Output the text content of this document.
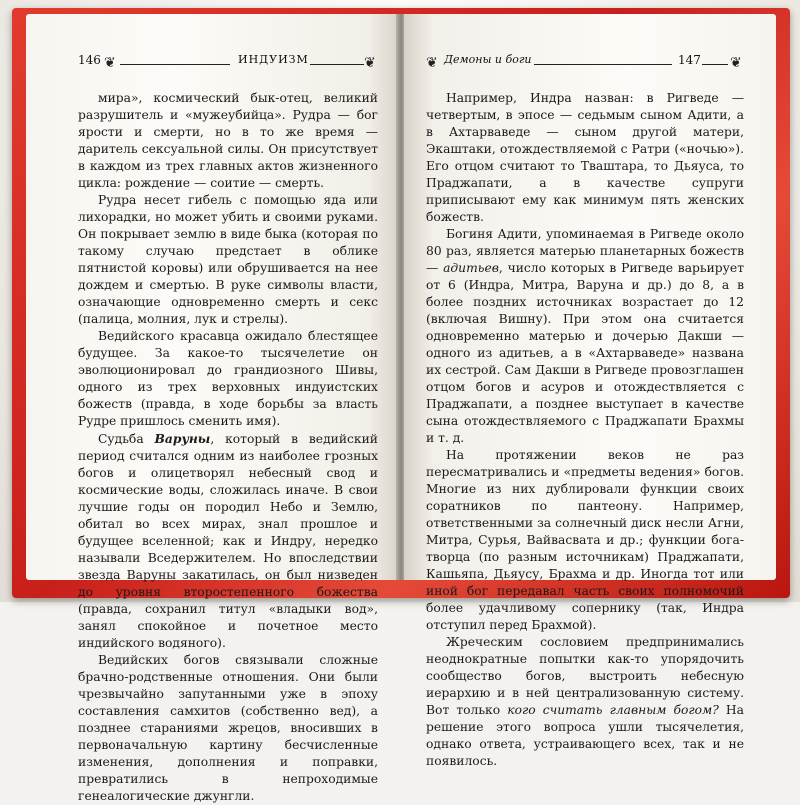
146 ❦	ИНДУИЗМ	❦

мира», космический бык-отец, великий разрушитель и «мужеубийца». Рудра — бог ярости и смерти, но в то же время — даритель сексуальной силы. Он присутствует в каждом из трех главных актов жизненного цикла: рождение — соитие — смерть.

Рудра несет гибель с помощью яда или лихорадки, но может убить и своими руками. Он покрывает землю в виде быка (которая по такому случаю предстает в облике пятнистой коровы) или обрушивается на нее дождем и смертью. В руке символы власти, означающие одновременно смерть и секс (палица, молния, лук и стрелы).

Ведийского красавца ожидало блестящее будущее. За какое-то тысячелетие он эволюционировал до грандиозного Шивы, одного из трех верховных индуистских божеств (правда, в ходе борьбы за власть Рудре пришлось сменить имя).

Судьба Варуны, который в ведийский период считался одним из наиболее грозных богов и олицетворял небесный свод и космические воды, сложилась иначе. В свои лучшие годы он породил Небо и Землю, обитал во всех мирах, знал прошлое и будущее вселенной; как и Индру, нередко называли Вседержителем. Но впоследствии звезда Варуны закатилась, он был низведен до уровня второстепенного божества (правда, сохранил титул «владыки вод», занял спокойное и почетное место индийского водяного).

Ведийских богов связывали сложные брачно-родственные отношения. Они были чрезвычайно запутанными уже в эпоху составления самхитов (собственно вед), а позднее стараниями жрецов, вносивших в первоначальную картину бесчисленные изменения, дополнения и поправки, превратились в непроходимые генеалогические джунгли.

❦ Демоны и боги	147 ❦

Например, Индра назван: в Ригведе — четвертым, в эпосе — седьмым сыном Адити, а в Ахтарваведе — сыном другой матери, Экаштаки, отождествляемой с Ратри («ночью»). Его отцом считают то Тваштара, то Дьяуса, то Праджапати, а в качестве супруги приписывают ему как минимум пять женских божеств.

Богиня Адити, упоминаемая в Ригведе около 80 раз, является матерью планетарных божеств — адитьев, число которых в Ригведе варьирует от 6 (Индра, Митра, Варуна и др.) до 8, а в более поздних источниках возрастает до 12 (включая Вишну). При этом она считается одновременно матерью и дочерью Дакши — одного из адитьев, а в «Ахтарваведе» названа их сестрой. Сам Дакши в Ригведе провозглашен отцом богов и асуров и отождествляется с Праджапати, а позднее выступает в качестве сына отождествляемого с Праджапати Брахмы и т. д.

На протяжении веков не раз пересматривались и «предметы ведения» богов. Многие из них дублировали функции своих соратников по пантеону. Например, ответственными за солнечный диск несли Агни, Митра, Сурья, Вайвасвата и др.; функции бога-творца (по разным источникам) Праджапати, Кашьяпа, Дьяусу, Брахма и др. Иногда тот или иной бог передавал часть своих полномочий более удачливому сопернику (так, Индра отступил перед Брахмой).

Жреческим сословием предпринимались неоднократные попытки как-то упорядочить сообщество богов, выстроить небесную иерархию и в ней централизованную систему. Вот только кого считать главным богом? На решение этого вопроса ушли тысячелетия, однако ответа, устраивающего всех, так и не появилось.
